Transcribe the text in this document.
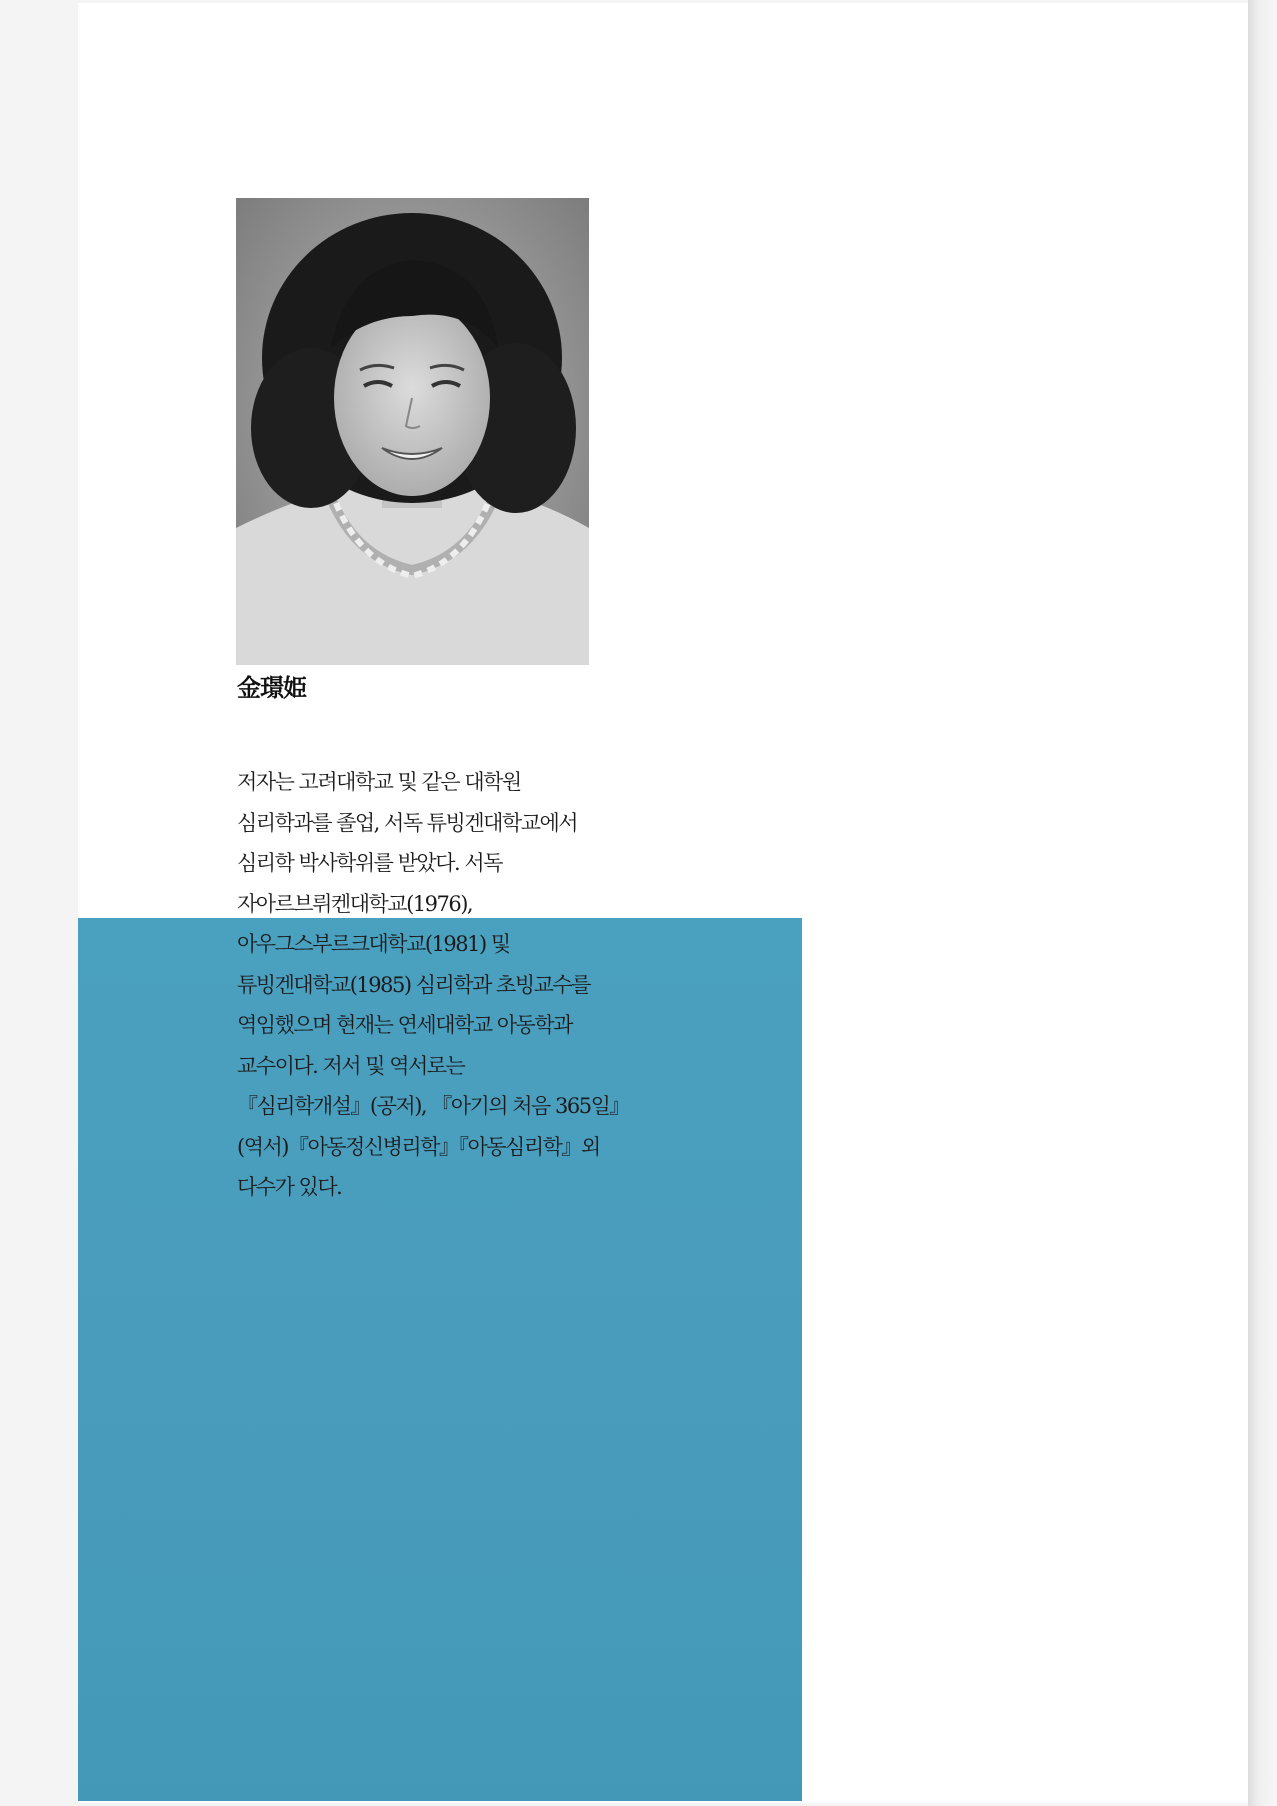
金璟姫
저자는 고려대학교 및 같은 대학원
심리학과를 졸업, 서독 튜빙겐대학교에서
심리학 박사학위를 받았다. 서독
자아르브뤼켄대학교(1976),
아우그스부르크대학교(1981) 및
튜빙겐대학교(1985) 심리학과 초빙교수를
역임했으며 현재는 연세대학교 아동학과
교수이다. 저서 및 역서로는
『심리학개설』(공저), 『아기의 처음 365일』
(역서)『아동정신병리학』『아동심리학』외
다수가 있다.
